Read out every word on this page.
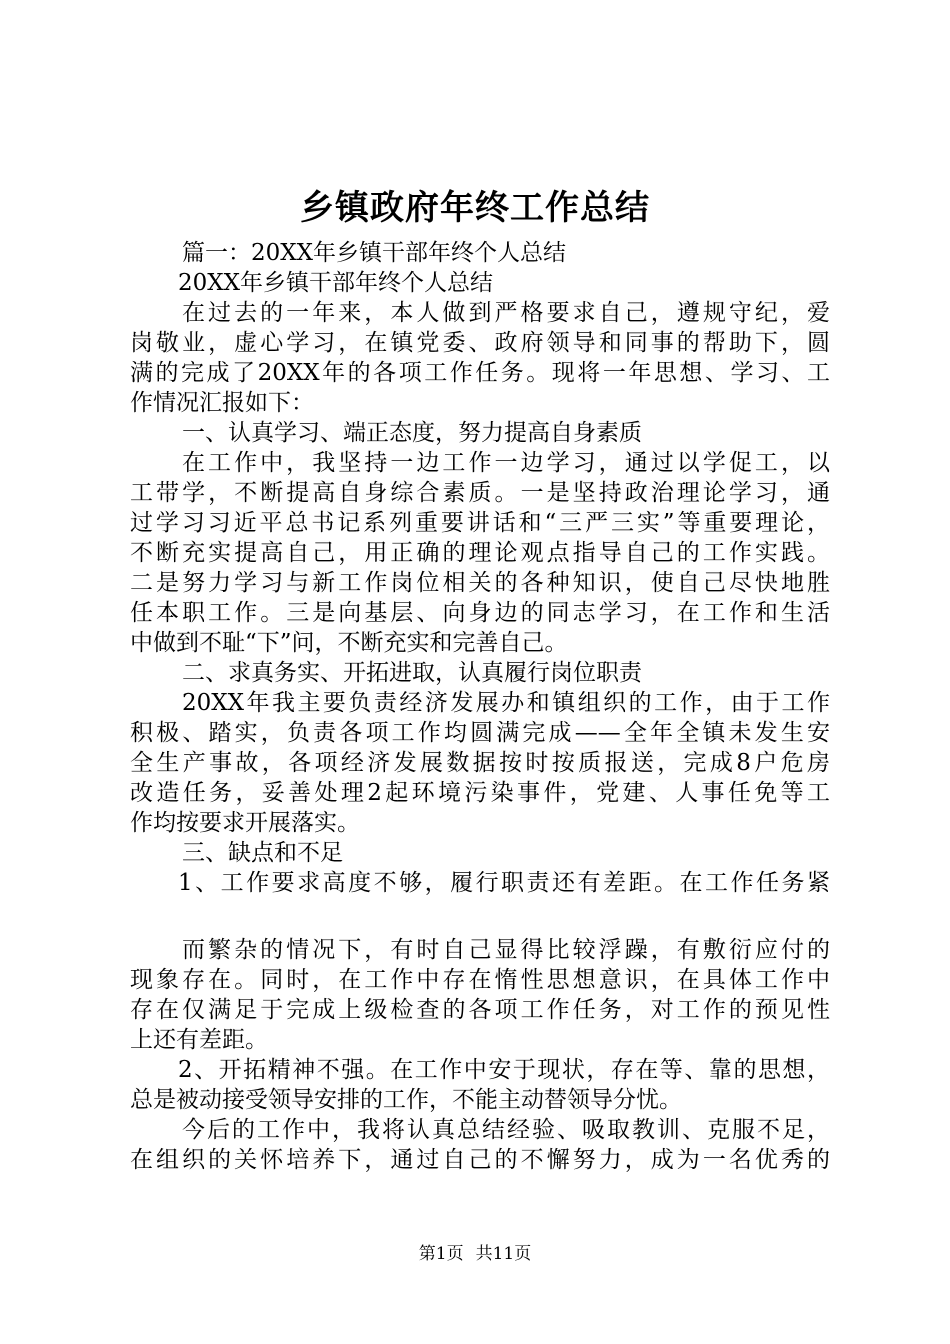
乡镇政府年终工作总结
篇一：20XX年乡镇干部年终个人总结
20XX年乡镇干部年终个人总结
在过去的一年来，本人做到严格要求自己，遵规守纪，爱
岗敬业，虚心学习，在镇党委、政府领导和同事的帮助下，圆
满的完成了20XX年的各项工作任务。现将一年思想、学习、工
作情况汇报如下：
一、认真学习、端正态度，努力提高自身素质
在工作中，我坚持一边工作一边学习，通过以学促工，以
工带学，不断提高自身综合素质。一是坚持政治理论学习，通
过学习习近平总书记系列重要讲话和“三严三实”等重要理论，
不断充实提高自己，用正确的理论观点指导自己的工作实践。
二是努力学习与新工作岗位相关的各种知识，使自己尽快地胜
任本职工作。三是向基层、向身边的同志学习，在工作和生活
中做到不耻“下”问，不断充实和完善自己。
二、求真务实、开拓进取，认真履行岗位职责
20XX年我主要负责经济发展办和镇组织的工作，由于工作
积极、踏实，负责各项工作均圆满完成——全年全镇未发生安
全生产事故，各项经济发展数据按时按质报送，完成8户危房
改造任务，妥善处理2起环境污染事件，党建、人事任免等工
作均按要求开展落实。
三、缺点和不足
1、工作要求高度不够，履行职责还有差距。在工作任务紧
而繁杂的情况下，有时自己显得比较浮躁，有敷衍应付的
现象存在。同时，在工作中存在惰性思想意识，在具体工作中
存在仅满足于完成上级检查的各项工作任务，对工作的预见性
上还有差距。
2、开拓精神不强。在工作中安于现状，存在等、靠的思想，
总是被动接受领导安排的工作，不能主动替领导分忧。
今后的工作中，我将认真总结经验、吸取教训、克服不足，
在组织的关怀培养下，通过自己的不懈努力，成为一名优秀的
第1页 共11页
